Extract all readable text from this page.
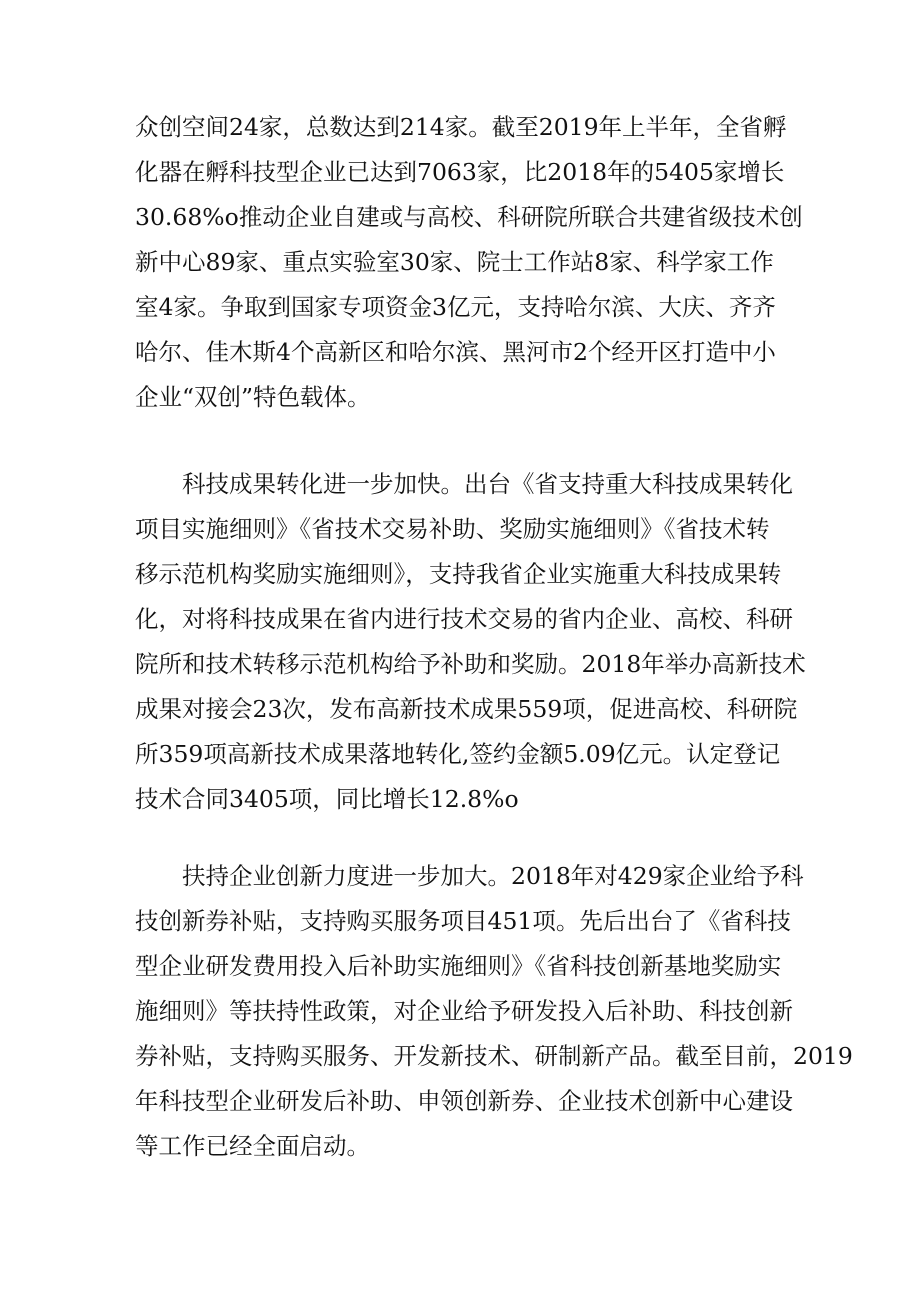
众创空间24家，总数达到214家。截至2019年上半年，全省孵
化器在孵科技型企业已达到7063家，比2018年的5405家增长
30.68%o推动企业自建或与高校、科研院所联合共建省级技术创
新中心89家、重点实验室30家、院士工作站8家、科学家工作
室4家。争取到国家专项资金3亿元，支持哈尔滨、大庆、齐齐
哈尔、佳木斯4个高新区和哈尔滨、黑河市2个经开区打造中小
企业“双创”特色载体。
　　科技成果转化进一步加快。出台《省支持重大科技成果转化
项目实施细则》《省技术交易补助、奖励实施细则》《省技术转
移示范机构奖励实施细则》，支持我省企业实施重大科技成果转
化，对将科技成果在省内进行技术交易的省内企业、高校、科研
院所和技术转移示范机构给予补助和奖励。2018年举办高新技术
成果对接会23次，发布高新技术成果559项，促进高校、科研院
所359项高新技术成果落地转化,签约金额5.09亿元。认定登记
技术合同3405项，同比增长12.8%o
　　扶持企业创新力度进一步加大。2018年对429家企业给予科
技创新券补贴，支持购买服务项目451项。先后出台了《省科技
型企业研发费用投入后补助实施细则》《省科技创新基地奖励实
施细则》等扶持性政策，对企业给予研发投入后补助、科技创新
券补贴，支持购买服务、开发新技术、研制新产品。截至目前，2019
年科技型企业研发后补助、申领创新券、企业技术创新中心建设
等工作已经全面启动。
